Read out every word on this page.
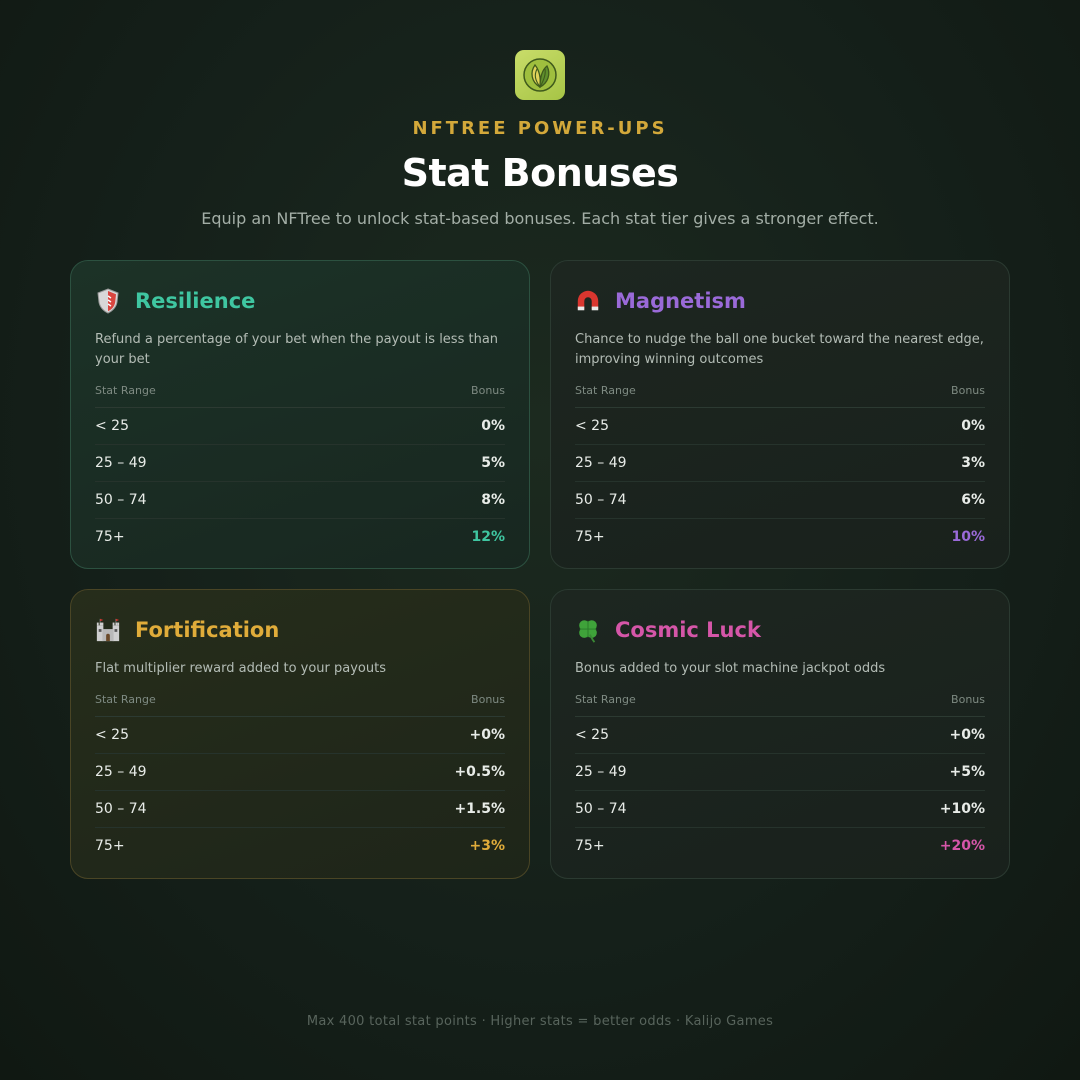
NFTREE POWER-UPS
Stat Bonuses
Equip an NFTree to unlock stat-based bonuses. Each stat tier gives a stronger effect.
Resilience
Refund a percentage of your bet when the payout is less than your bet
Stat Range	Bonus
< 25	0%
25 – 49	5%
50 – 74	8%
75+	12%
Magnetism
Chance to nudge the ball one bucket toward the nearest edge, improving winning outcomes
Stat Range	Bonus
< 25	0%
25 – 49	3%
50 – 74	6%
75+	10%
Fortification
Flat multiplier reward added to your payouts
Stat Range	Bonus
< 25	+0%
25 – 49	+0.5%
50 – 74	+1.5%
75+	+3%
Cosmic Luck
Bonus added to your slot machine jackpot odds
Stat Range	Bonus
< 25	+0%
25 – 49	+5%
50 – 74	+10%
75+	+20%
Max 400 total stat points · Higher stats = better odds · Kalijo Games
